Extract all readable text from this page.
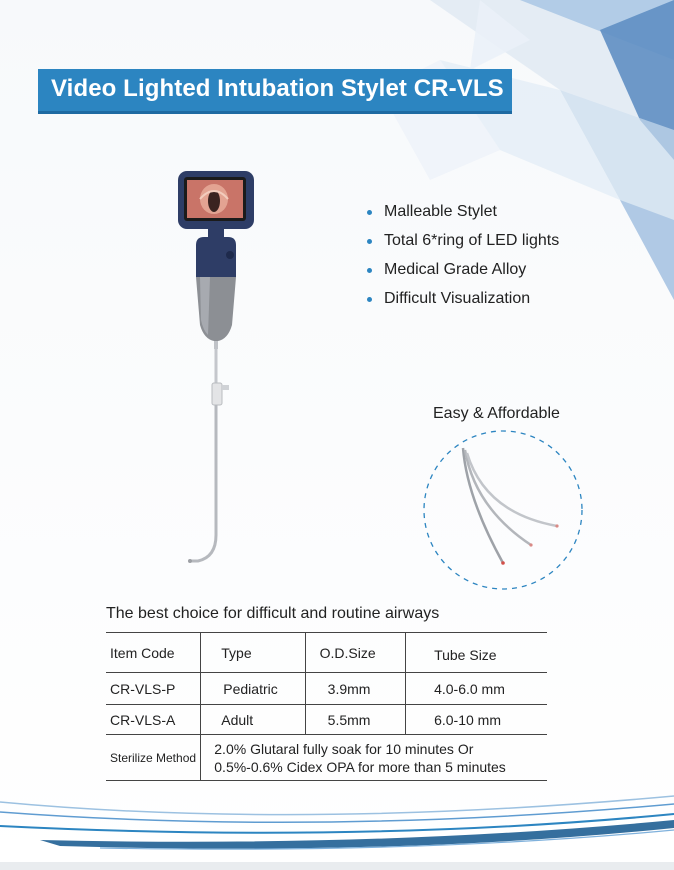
Video Lighted Intubation Stylet CR-VLS
Malleable Stylet
Total 6*ring of LED lights
Medical Grade Alloy
Difficult Visualization
Easy & Affordable
The best choice for difficult and routine airways
Item Code	Type	O.D.Size	Tube Size
CR-VLS-P	Pediatric	3.9mm	4.0-6.0 mm
CR-VLS-A	Adult	5.5mm	6.0-10 mm
Sterilize Method	2.0% Glutaral fully soak for 10 minutes Or
0.5%-0.6% Cidex OPA for more than 5 minutes		
